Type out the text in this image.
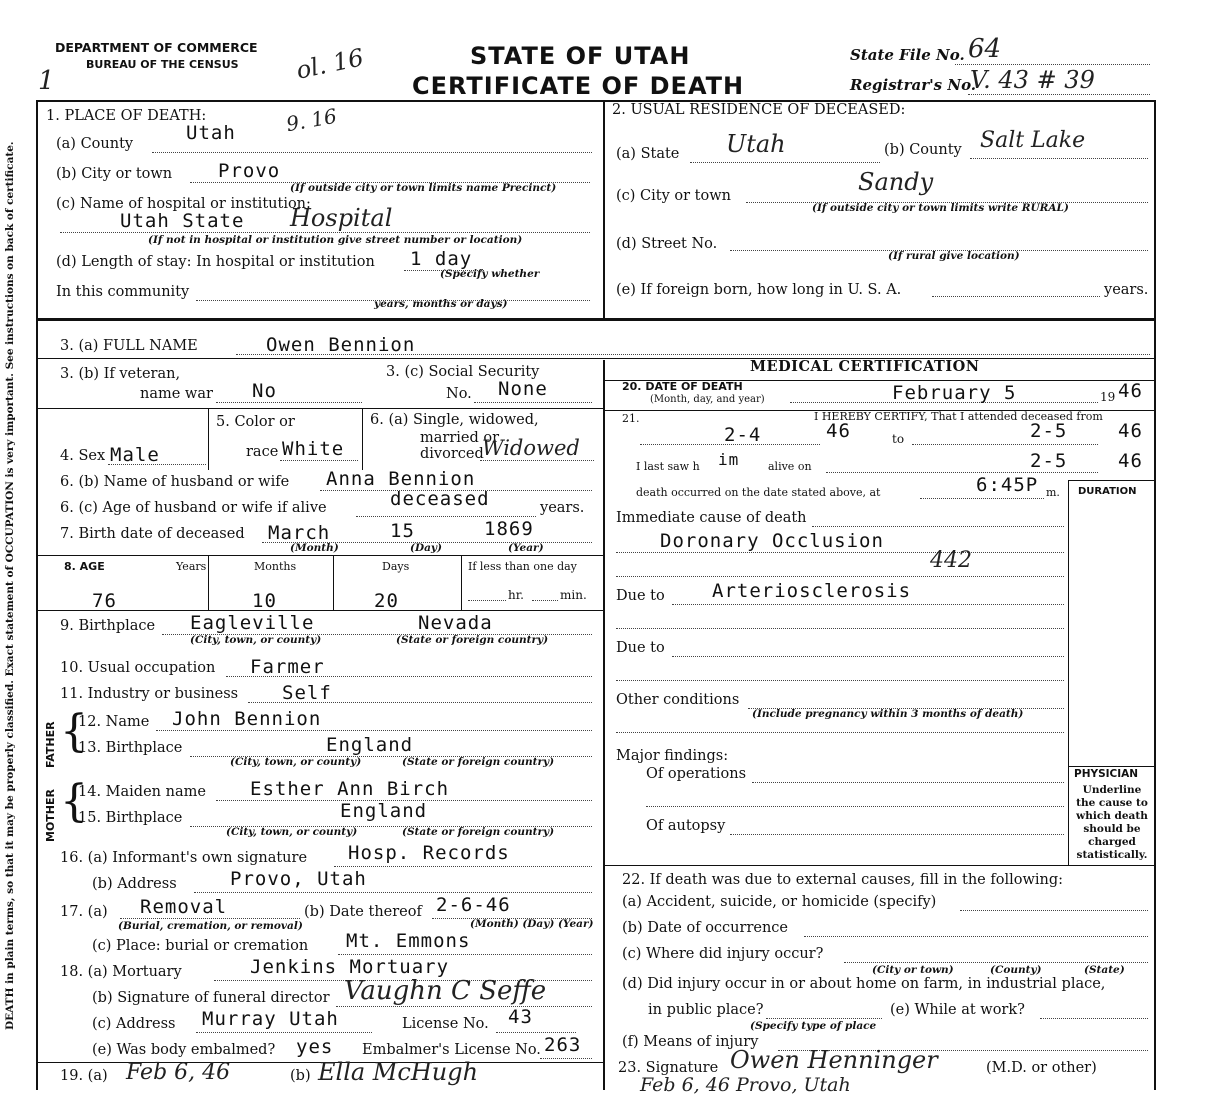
DEATH in plain terms, so that it may be properly classified. Exact statement of OCCUPATION is very important. See instructions on back of certificate.
DEPARTMENT OF COMMERCE
BUREAU OF THE CENSUS
1	ol. 16	STATE OF UTAH
CERTIFICATE OF DEATH
State File No. 64
Registrar's No.
V. 43 # 39
1. PLACE OF DEATH:
(a) County	Utah 9. 16
(b) City or town Provo
(If outside city or town limits name Precinct)
(c) Name of hospital or institution:
Utah State Hospital
(If not in hospital or institution give street number or location)
(d) Length of stay: In hospital or institution 1 day
(Specify whether
In this community
years, months or days)
2. USUAL RESIDENCE OF DECEASED:
(a) State Utah	(b) County Salt Lake
(c) City or town	Sandy
(If outside city or town limits write RURAL)
(d) Street No.
(If rural give location)
(e) If foreign born, how long in U. S. A.	years.
3. (a) FULL NAME	Owen Bennion
3. (b) If veteran,
name war No
3. (c) Social Security
No. None
4. Sex Male
5. Color or
race White
6. (a) Single, widowed,
married or
divorced
Widowed
6. (b) Name of husband or wife Anna Bennion
6. (c) Age of husband or wife if alive	deceased	years.
7. Birth date of deceased March	15	1869
(Month)	(Day)	(Year)
8. AGE	Years	Months	Days	If less than one day
76	10	20	hr.	min.
9. Birthplace Eagleville	Nevada
(City, town, or county)	(State or foreign country)
10. Usual occupation Farmer
11. Industry or business Self
FATHER
MOTHER
{
{
12. Name John Bennion
13. Birthplace	England
(City, town, or county)	(State or foreign country)
14. Maiden name Esther Ann Birch
15. Birthplace	England
(City, town, or county)	(State or foreign country)
16. (a) Informant's own signature Hosp. Records
(b) Address	Provo, Utah
17. (a) Removal	(b) Date thereof 2-6-46
(Burial, cremation, or removal)	(Month) (Day) (Year)
(c) Place: burial or cremation Mt. Emmons
18. (a) Mortuary	Jenkins Mortuary
(b) Signature of funeral director Vaughn C Seffe
(c) Address Murray Utah	License No. 43
(e) Was body embalmed? yes Embalmer's License No. 263
19. (a) Feb 6, 46	(b) Ella McHugh
MEDICAL CERTIFICATION
20. DATE OF DEATH
(Month, day, and year)	February 5	19 46
21.	I HEREBY CERTIFY, That I attended deceased from
2-4	46	to	2-5	46
I last saw h im	alive on	2-5	46
death occurred on the date stated above, at	6:45P m. DURATION
Immediate cause of death
Doronary Occlusion
Due to Arteriosclerosis
442
Due to
Other conditions
(Include pregnancy within 3 months of death)
Major findings:
Of operations
Of autopsy
PHYSICIAN
Underline the cause to which death should be charged statistically.
22. If death was due to external causes, fill in the following:
(a) Accident, suicide, or homicide (specify)
(b) Date of occurrence
(c) Where did injury occur?
(City or town)	(County)	(State)
(d) Did injury occur in or about home on farm, in industrial place,
in public place?	(e) While at work?
(Specify type of place
(f) Means of injury
23. Signature Owen Henninger	(M.D. or other)
Feb 6, 46 Provo, Utah
